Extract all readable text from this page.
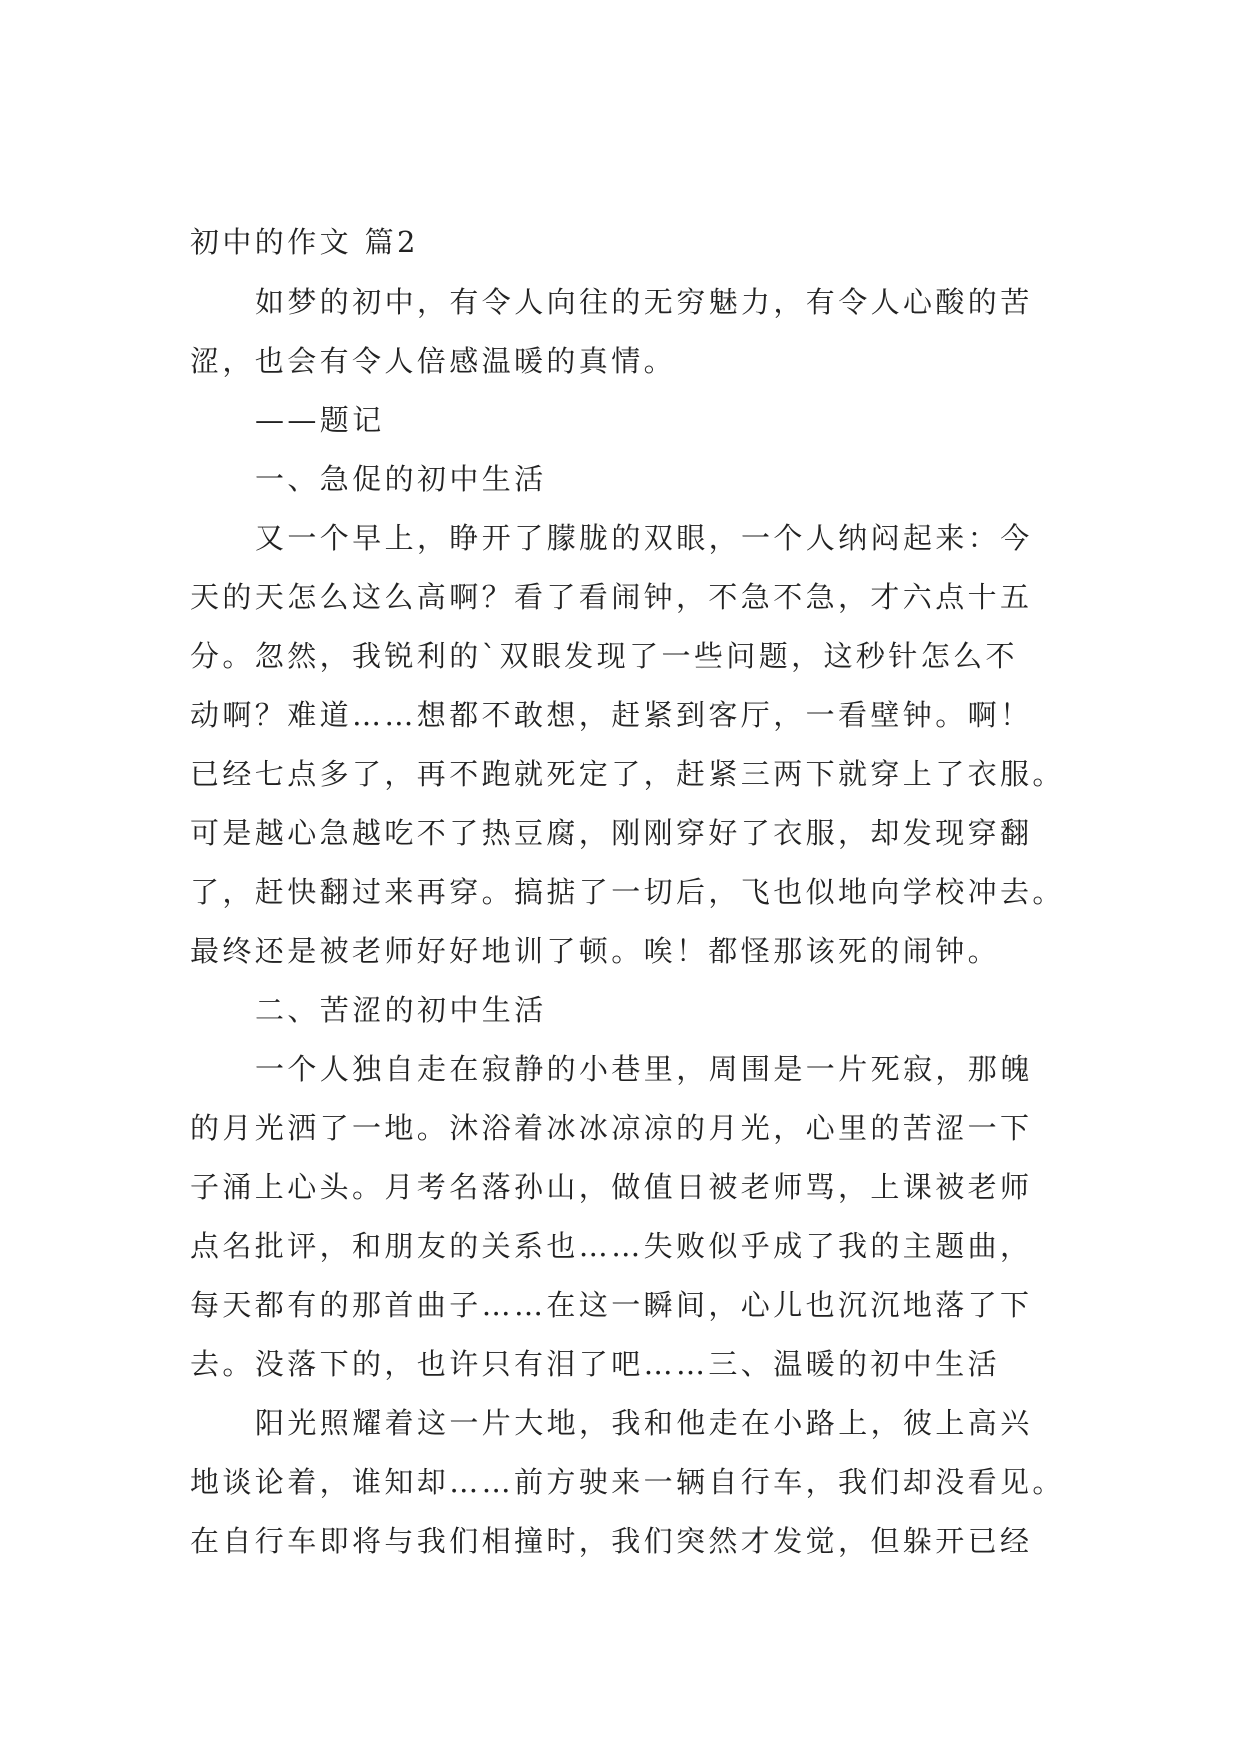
初中的作文 篇2
如梦的初中，有令人向往的无穷魅力，有令人心酸的苦
涩，也会有令人倍感温暖的真情。
——题记
一、急促的初中生活
又一个早上，睁开了朦胧的双眼，一个人纳闷起来：今
天的天怎么这么高啊？看了看闹钟，不急不急，才六点十五
分。忽然，我锐利的`双眼发现了一些问题，这秒针怎么不
动啊？难道……想都不敢想，赶紧到客厅，一看壁钟。啊！
已经七点多了，再不跑就死定了，赶紧三两下就穿上了衣服。
可是越心急越吃不了热豆腐，刚刚穿好了衣服，却发现穿翻
了，赶快翻过来再穿。搞掂了一切后，飞也似地向学校冲去。
最终还是被老师好好地训了顿。唉！都怪那该死的闹钟。
二、苦涩的初中生活
一个人独自走在寂静的小巷里，周围是一片死寂，那魄
的月光洒了一地。沐浴着冰冰凉凉的月光，心里的苦涩一下
子涌上心头。月考名落孙山，做值日被老师骂，上课被老师
点名批评，和朋友的关系也……失败似乎成了我的主题曲，
每天都有的那首曲子……在这一瞬间，心儿也沉沉地落了下
去。没落下的，也许只有泪了吧……三、温暖的初中生活
阳光照耀着这一片大地，我和他走在小路上，彼上高兴
地谈论着，谁知却……前方驶来一辆自行车，我们却没看见。
在自行车即将与我们相撞时，我们突然才发觉，但躲开已经
